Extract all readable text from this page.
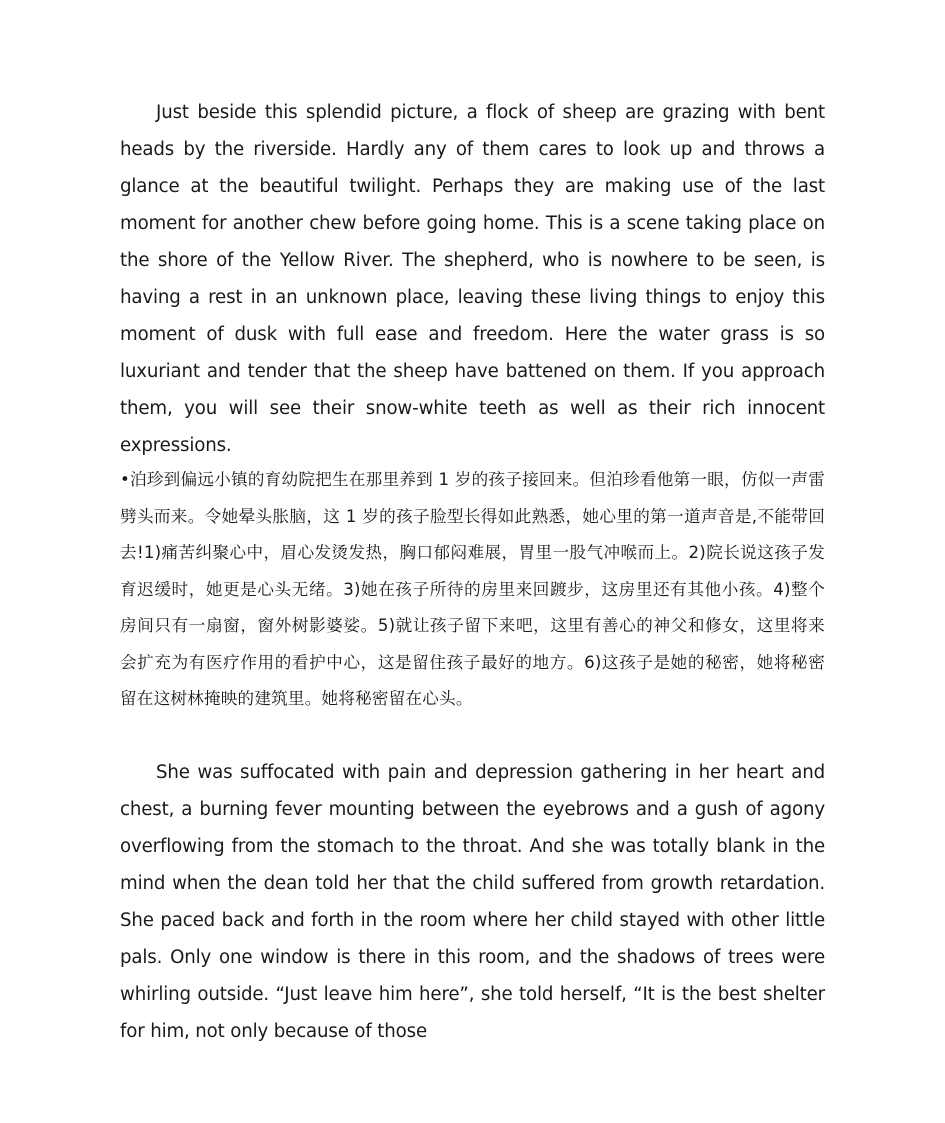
Just beside this splendid picture, a flock of sheep are grazing with bent heads by the riverside. Hardly any of them cares to look up and throws a glance at the beautiful twilight. Perhaps they are making use of the last moment for another chew before going home. This is a scene taking place on the shore of the Yellow River. The shepherd, who is nowhere to be seen, is having a rest in an unknown place, leaving these living things to enjoy this moment of dusk with full ease and freedom. Here the water grass is so luxuriant and tender that the sheep have battened on them. If you approach them, you will see their snow-white teeth as well as their rich innocent expressions.

•泊珍到偏远小镇的育幼院把生在那里养到 1 岁的孩子接回来。但泊珍看他第一眼，仿似一声雷劈头而来。令她晕头胀脑，这 1 岁的孩子脸型长得如此熟悉，她心里的第一道声音是,不能带回去!1)痛苦纠聚心中，眉心发烫发热，胸口郁闷难展，胃里一股气冲喉而上。2)院长说这孩子发育迟缓时，她更是心头无绪。3)她在孩子所待的房里来回踱步，这房里还有其他小孩。4)整个房间只有一扇窗，窗外树影婆娑。5)就让孩子留下来吧，这里有善心的神父和修女，这里将来会扩充为有医疗作用的看护中心，这是留住孩子最好的地方。6)这孩子是她的秘密，她将秘密留在这树林掩映的建筑里。她将秘密留在心头。

She was suffocated with pain and depression gathering in her heart and chest, a burning fever mounting between the eyebrows and a gush of agony overflowing from the stomach to the throat. And she was totally blank in the mind when the dean told her that the child suffered from growth retardation. She paced back and forth in the room where her child stayed with other little pals. Only one window is there in this room, and the shadows of trees were whirling outside. “Just leave him here”, she told herself, “It is the best shelter for him, not only because of those
